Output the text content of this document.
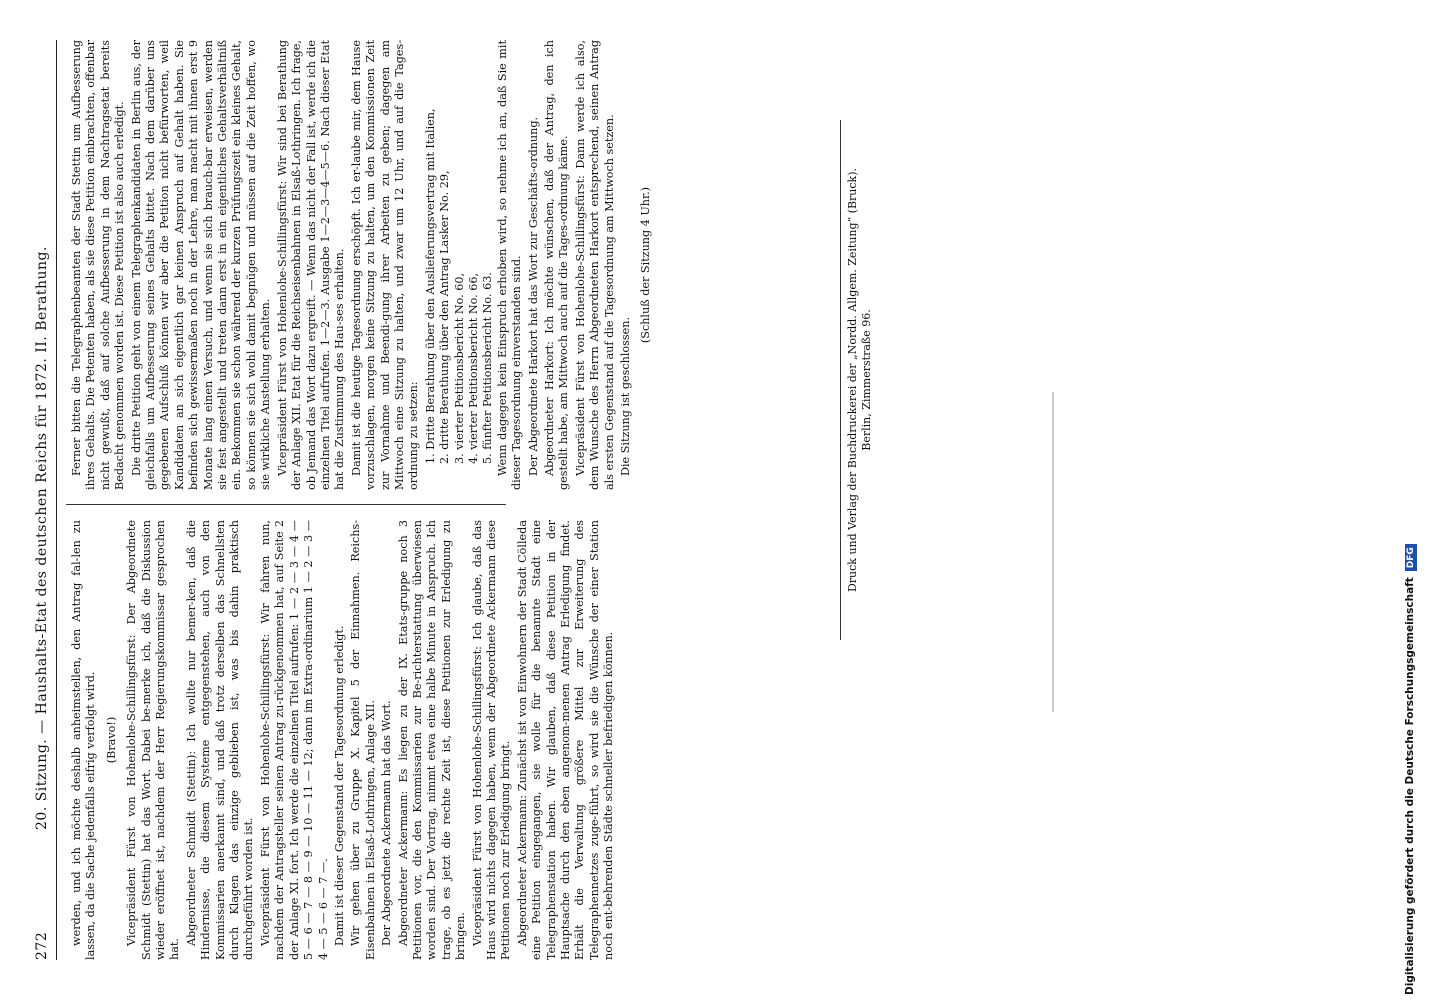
272
20. Sitzung. — Haushalts-Etat des deutschen Reichs für 1872. II. Berathung. werden, und ich möchte deshalb anheimstellen, den Antrag fal-len zu lassen, da die Sache jedenfalls eifrig verfolgt wird. (Bravo!) Vicepräsident Fürst von Hohenlohe-Schillingsfürst: Der Abgeordnete Schmidt (Stettin) hat das Wort. Dabei be-merke ich, daß die Diskussion wieder eröffnet ist, nachdem der Herr Regierungskommissar gesprochen hat.

Abgeordneter Schmidt (Stettin): Ich wollte nur bemer-ken, daß die Hindernisse, die diesem Systeme entgegenstehen, auch von den Kommissarien anerkannt sind, und daß trotz derselben das Schnellsten durch Klagen das einzige geblieben ist, was bis dahin praktisch durchgeführt worden ist. Vicepräsident Fürst von Hohenlohe-Schillingsfürst: Wir fahren nun, nachdem der Antragsteller seinen Antrag zu-rückgenommen hat, auf Seite 2 der Anlage XI. fort. Ich werde die einzelnen Titel aufrufen: 1 — 2 — 3 — 4 — 5 — 6 — 7 — 8 — 9 — 10 — 11 — 12; dann im Extra-ordinarium 1 — 2 — 3 — 4 — 5 — 6 — 7 —. Damit ist dieser Gegenstand der Tagesordnung erledigt. Wir gehen über zu Gruppe X. Kapitel 5 der Einnahmen. Reichs-Eisenbahnen in Elsaß-Lothringen, Anlage XII. Der Abgeordnete Ackermann hat das Wort. Abgeordneter Ackermann: Es liegen zu der IX. Etats-gruppe noch 3 Petitionen vor, die den Kommissarien zur Be-richterstattung überwiesen worden sind. Der Vortrag, nimmt etwa eine halbe Minute in Anspruch. Ich trage, ob es jetzt die rechte Zeit ist, diese Petitionen zur Erledigung zu bringen. Vicepräsident Fürst von Hohenlohe-Schillingsfürst: Ich glaube, daß das Haus wird nichts dagegen haben, wenn der Abgeordnete Ackermann diese Petitionen noch zur Erledigung bringt. Abgeordneter Ackermann: Zunächst ist von Einwohnern der Stadt Cölleda eine Petition eingegangen, sie wolle für die benannte Stadt eine Telegraphenstation haben. Wir glauben, daß diese Petition in der Hauptsache durch den eben angenom-menen Antrag Erledigung findet. Erhält die Verwaltung größere Mittel zur Erweiterung des Telegraphennetzes zuge-führt, so wird sie die Wünsche der einer Station noch ent-behrenden Städte schneller befriedigen können.

Ferner bitten die Telegraphenbeamten der Stadt Stettin um Aufbesserung ihres Gehalts. Die Petenten haben, als sie diese Petition einbrachten, offenbar nicht gewußt, daß auf solche Aufbesserung in dem Nachtragsetat bereits Bedacht genommen worden ist. Diese Petition ist also auch erledigt. Die dritte Petition geht von einem Telegraphenkandidaten in Berlin aus, der gleichfalls um Aufbesserung seines Gehalts bittet. Nach dem darüber uns gegebenen Aufschluß können wir aber die Petition nicht befürworten, weil Kandidaten an sich eigentlich gar keinen Anspruch auf Gehalt haben. Sie befinden sich gewissermaßen noch in der Lehre, man macht mit ihnen erst 9 Monate lang einen Versuch, und wenn sie sich brauch-bar erweisen, werden sie fest angestellt und treten dann erst in ein eigentliches Gehaltsverhältniß ein. Bekommen sie schon während der kurzen Prüfungszeit ein kleines Gehalt, so können sie sich wohl damit begnügen und müssen auf die Zeit hoffen, wo sie wirkliche Anstellung erhalten. Vicepräsident Fürst von Hohenlohe-Schillingsfürst: Wir sind bei Berathung der Anlage XII. Etat für die Reichseisenbahnen in Elsaß-Lothringen. Ich frage, ob Jemand das Wort dazu ergreift. — Wenn das nicht der Fall ist, werde ich die einzelnen Titel aufrufen. 1—2—3. Ausgabe 1—2—3—4—5—6. Nach dieser Etat hat die Zustimmung des Hau-ses erhalten. Damit ist die heutige Tagesordnung erschöpft. Ich er-laube mir, dem Hause vorzuschlagen, morgen keine Sitzung zu halten, um den Kommissionen Zeit zur Vornahme und Beendi-gung ihrer Arbeiten zu geben; dagegen am Mittwoch eine Sitzung zu halten, und zwar um 12 Uhr, und auf die Tages-ordnung zu setzen: 1. Dritte Berathung über den Auslieferungsvertrag mit Italien, 2. dritte Berathung über den Antrag Lasker No. 29, 3. vierter Petitionsbericht No. 60, 4. vierter Petitionsbericht No. 66, 5. fünfter Petitionsbericht No. 63. Wenn dagegen kein Einspruch erhoben wird, so nehme ich an, daß Sie mit dieser Tagesordnung einverstanden sind. Der Abgeordnete Harkort hat das Wort zur Geschäfts-ordnung. Abgeordneter Harkort: Ich möchte wünschen, daß der Antrag, den ich gestellt habe, am Mittwoch auch auf die Tages-ordnung käme. Vicepräsident Fürst von Hohenlohe-Schillingsfürst: Dann werde ich also, dem Wunsche des Herrn Abgeordneten Harkort entsprechend, seinen Antrag als ersten Gegenstand auf die Tagesordnung am Mittwoch setzen. Die Sitzung ist geschlossen.

(Schluß der Sitzung 4 Uhr.)	Druck und Verlag der Buchdruckerei der „Nordd. Allgem. Zeitung“ (Bruck). Berlin, Zimmerstraße 96.
Digitalisierung gefördert durch die Deutsche ForschungsgemeinschaftDFG
